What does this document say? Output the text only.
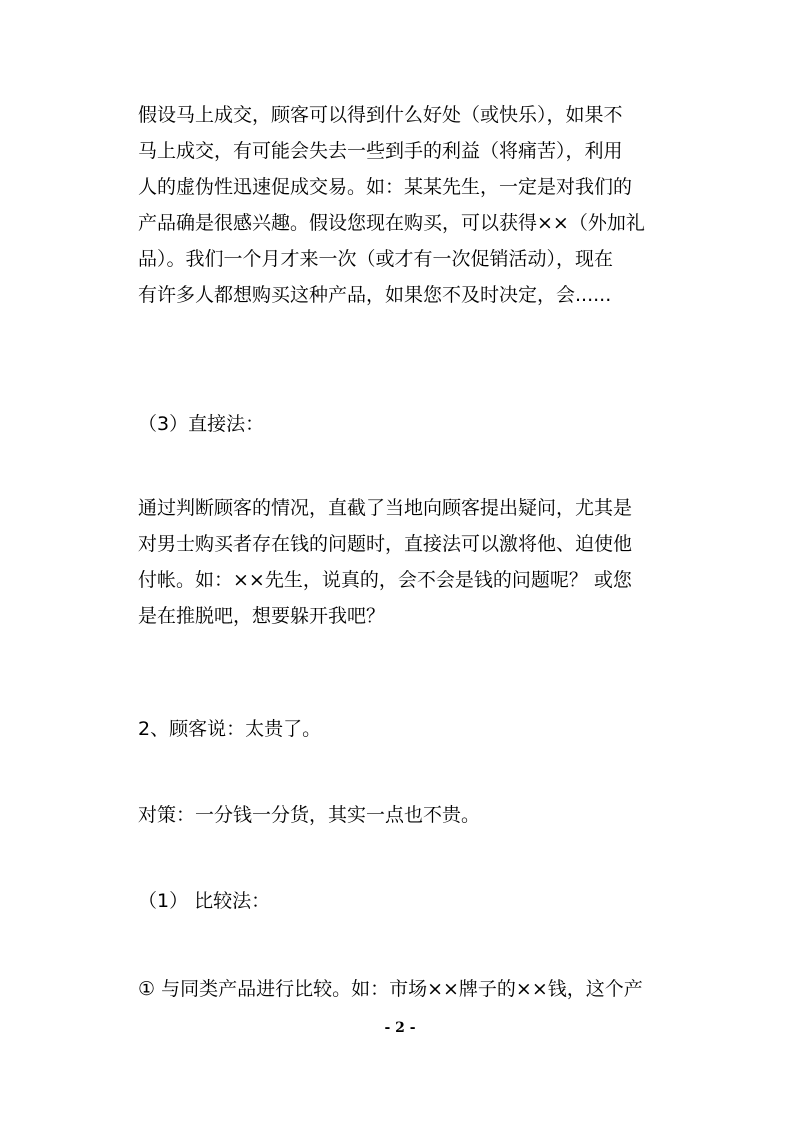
假设马上成交，顾客可以得到什么好处（或快乐），如果不
马上成交，有可能会失去一些到手的利益（将痛苦），利用
人的虚伪性迅速促成交易。如：某某先生，一定是对我们的
产品确是很感兴趣。假设您现在购买，可以获得××（外加礼
品）。我们一个月才来一次（或才有一次促销活动），现在
有许多人都想购买这种产品，如果您不及时决定，会......

（3）直接法：

通过判断顾客的情况，直截了当地向顾客提出疑问，尤其是
对男士购买者存在钱的问题时，直接法可以激将他、迫使他
付帐。如：××先生，说真的，会不会是钱的问题呢？ 或您
是在推脱吧，想要躲开我吧？

2、顾客说：太贵了。

对策：一分钱一分货，其实一点也不贵。

（1） 比较法：

① 与同类产品进行比较。如：市场××牌子的××钱，这个产

- 2 -
